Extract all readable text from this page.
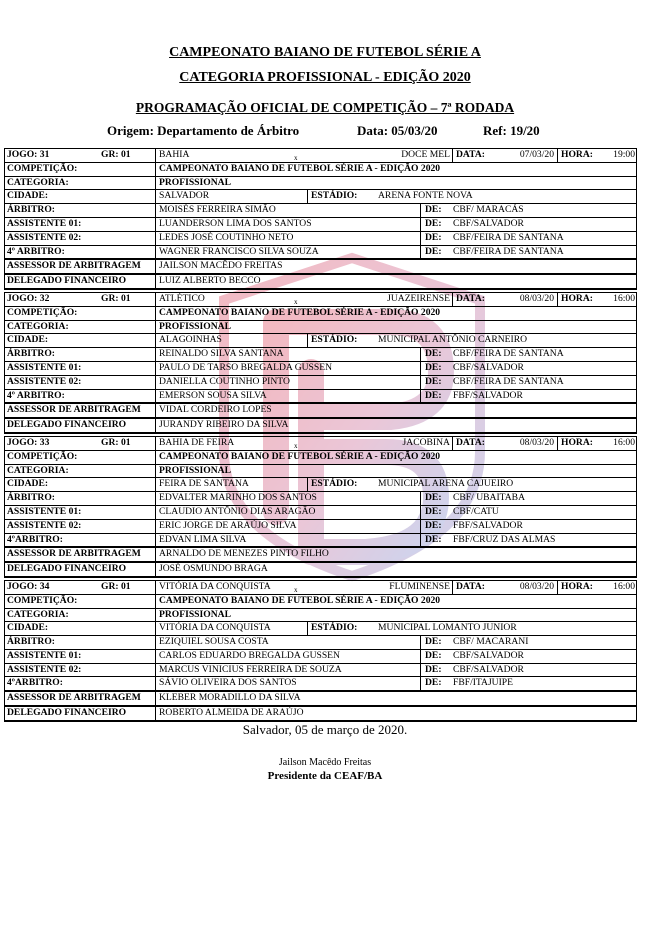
CAMPEONATO BAIANO DE FUTEBOL SÉRIE A
CATEGORIA PROFISSIONAL - EDIÇÃO 2020
PROGRAMAÇÃO OFICIAL DE COMPETIÇÃO – 7ª RODADA
Origem: Departamento de Árbitro	Data: 05/03/20	Ref: 19/20
JOGO: 31	GR: 01	BAHIA	x	DOCE MEL DATA:	07/03/20 HORA:	19:00
COMPETIÇÃO:	CAMPEONATO BAIANO DE FUTEBOL SÉRIE A - EDIÇÃO 2020
CATEGORIA:	PROFISSIONAL
CIDADE:	SALVADOR	ESTÁDIO:	ARENA FONTE NOVA
ÁRBITRO:	MOISÉS FERREIRA SIMÃO	DE:	CBF/ MARACÁS
ASSISTENTE 01:	LUANDERSON LIMA DOS SANTOS	DE:	CBF/SALVADOR
ASSISTENTE 02:	LEDES JOSÉ COUTINHO NETO	DE:	CBF/FEIRA DE SANTANA
4º ARBITRO:	WAGNER FRANCISCO SILVA SOUZA	DE:	CBF/FEIRA DE SANTANA
ASSESSOR DE ARBITRAGEM	JAILSON MACÊDO FREITAS
DELEGADO FINANCEIRO	LUIZ ALBERTO BECCO
JOGO: 32	GR: 01	ATLÉTICO	x	JUAZEIRENSE DATA:	08/03/20 HORA:	16:00
COMPETIÇÃO:	CAMPEONATO BAIANO DE FUTEBOL SÉRIE A - EDIÇÃO 2020
CATEGORIA:	PROFISSIONAL
CIDADE:	ALAGOINHAS	ESTÁDIO:	MUNICIPAL ANTÔNIO CARNEIRO
ÁRBITRO:	REINALDO SILVA SANTANA	DE:	CBF/FEIRA DE SANTANA
ASSISTENTE 01:	PAULO DE TARSO BREGALDA GUSSEN	DE:	CBF/SALVADOR
ASSISTENTE 02:	DANIELLA COUTINHO PINTO	DE:	CBF/FEIRA DE SANTANA
4º ARBITRO:	EMERSON SOUSA SILVA	DE:	FBF/SALVADOR
ASSESSOR DE ARBITRAGEM	VIDAL CORDEIRO LOPES
DELEGADO FINANCEIRO	JURANDY RIBEIRO DA SILVA
JOGO: 33	GR: 01	BAHIA DE FEIRA	x	JACOBINA DATA:	08/03/20 HORA:	16:00
COMPETIÇÃO:	CAMPEONATO BAIANO DE FUTEBOL SÉRIE A - EDIÇÃO 2020
CATEGORIA:	PROFISSIONAL
CIDADE:	FEIRA DE SANTANA	ESTÁDIO:	MUNICIPAL ARENA CAJUEIRO
ÁRBITRO:	EDVALTER MARINHO DOS SANTOS	DE:	CBF/ UBAITABA
ASSISTENTE 01:	CLAUDIO ANTÔNIO DIAS ARAGÃO	DE:	CBF/CATU
ASSISTENTE 02:	ERIC JORGE DE ARAÚJO SILVA	DE:	FBF/SALVADOR
4ºARBITRO:	EDVAN LIMA SILVA	DE:	FBF/CRUZ DAS ALMAS
ASSESSOR DE ARBITRAGEM	ARNALDO DE MENEZES PINTO FILHO
DELEGADO FINANCEIRO	JOSÉ OSMUNDO BRAGA
JOGO: 34	GR: 01	VITÓRIA DA CONQUISTA	x	FLUMINENSE DATA:	08/03/20 HORA:	16:00
COMPETIÇÃO:	CAMPEONATO BAIANO DE FUTEBOL SÉRIE A - EDIÇÃO 2020
CATEGORIA:	PROFISSIONAL
CIDADE:	VITÓRIA DA CONQUISTA	ESTÁDIO:	MUNICIPAL LOMANTO JUNIOR
ÁRBITRO:	EZIQUIEL SOUSA COSTA	DE:	CBF/ MACARANI
ASSISTENTE 01:	CARLOS EDUARDO BREGALDA GUSSEN	DE:	CBF/SALVADOR
ASSISTENTE 02:	MARCUS VINICIUS FERREIRA DE SOUZA	DE:	CBF/SALVADOR
4ºARBITRO:	SÁVIO OLIVEIRA DOS SANTOS	DE:	FBF/ITAJUIPE
ASSESSOR DE ARBITRAGEM	KLEBER MORADILLO DA SILVA
DELEGADO FINANCEIRO	ROBERTO ALMEIDA DE ARAÚJO
Salvador, 05 de março de 2020.
Jailson Macêdo Freitas
Presidente da CEAF/BA
